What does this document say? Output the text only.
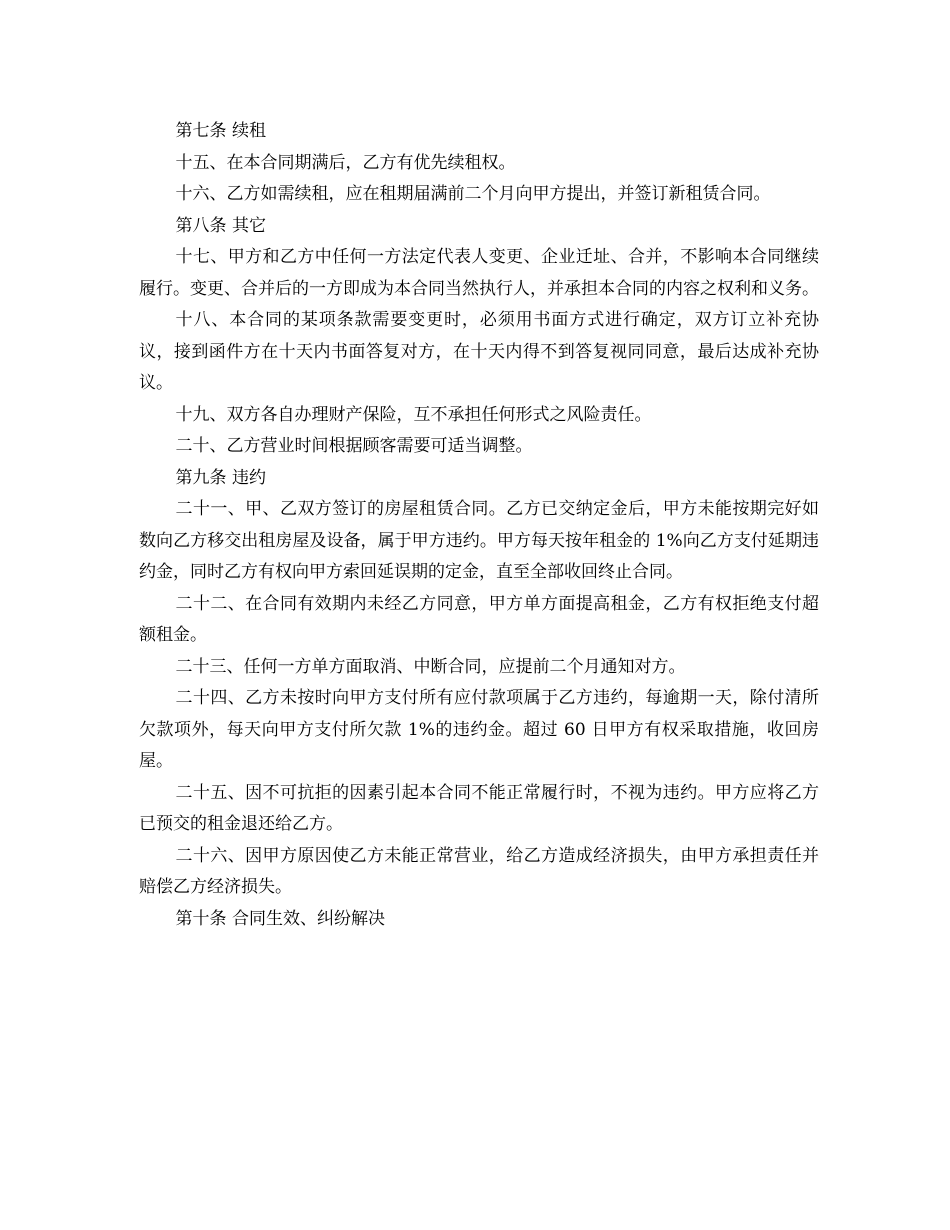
第七条 续租

十五、在本合同期满后，乙方有优先续租权。

十六、乙方如需续租，应在租期届满前二个月向甲方提出，并签订新租赁合同。

第八条 其它

十七、甲方和乙方中任何一方法定代表人变更、企业迁址、合并，不影响本合同继续履行。变更、合并后的一方即成为本合同当然执行人，并承担本合同的内容之权利和义务。

十八、本合同的某项条款需要变更时，必须用书面方式进行确定，双方订立补充协议，接到函件方在十天内书面答复对方，在十天内得不到答复视同同意，最后达成补充协议。

十九、双方各自办理财产保险，互不承担任何形式之风险责任。

二十、乙方营业时间根据顾客需要可适当调整。

第九条 违约

二十一、甲、乙双方签订的房屋租赁合同。乙方已交纳定金后，甲方未能按期完好如数向乙方移交出租房屋及设备，属于甲方违约。甲方每天按年租金的 1%向乙方支付延期违约金，同时乙方有权向甲方索回延误期的定金，直至全部收回终止合同。

二十二、在合同有效期内未经乙方同意，甲方单方面提高租金，乙方有权拒绝支付超额租金。

二十三、任何一方单方面取消、中断合同，应提前二个月通知对方。

二十四、乙方未按时向甲方支付所有应付款项属于乙方违约，每逾期一天，除付清所欠款项外，每天向甲方支付所欠款 1%的违约金。超过 60 日甲方有权采取措施，收回房屋。

二十五、因不可抗拒的因素引起本合同不能正常履行时，不视为违约。甲方应将乙方已预交的租金退还给乙方。

二十六、因甲方原因使乙方未能正常营业，给乙方造成经济损失，由甲方承担责任并赔偿乙方经济损失。

第十条 合同生效、纠纷解决
